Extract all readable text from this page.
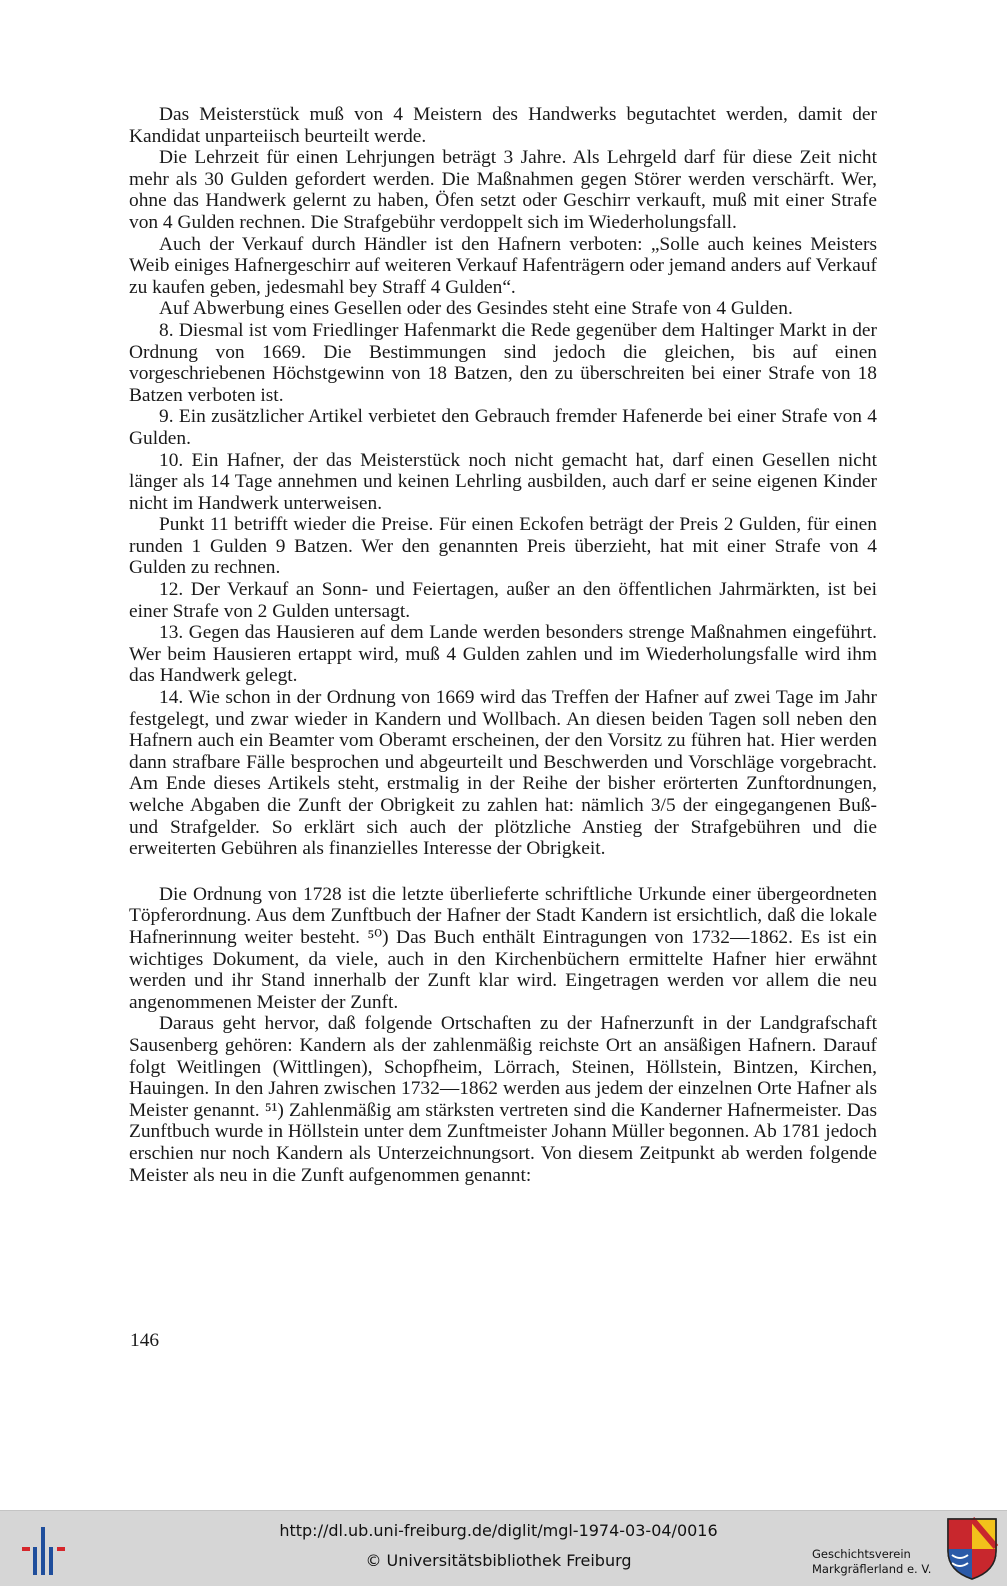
Das Meisterstück muß von 4 Meistern des Handwerks begutachtet werden, damit der Kandidat unparteiisch beurteilt werde.

Die Lehrzeit für einen Lehrjungen beträgt 3 Jahre. Als Lehrgeld darf für diese Zeit nicht mehr als 30 Gulden gefordert werden. Die Maßnahmen gegen Störer werden verschärft. Wer, ohne das Handwerk gelernt zu haben, Öfen setzt oder Geschirr verkauft, muß mit einer Strafe von 4 Gulden rechnen. Die Strafgebühr verdoppelt sich im Wiederholungsfall.

Auch der Verkauf durch Händler ist den Hafnern verboten: „Solle auch keines Meisters Weib einiges Hafnergeschirr auf weiteren Verkauf Hafenträgern oder jemand anders auf Verkauf zu kaufen geben, jedesmahl bey Straff 4 Gulden“.

Auf Abwerbung eines Gesellen oder des Gesindes steht eine Strafe von 4 Gulden.

8. Diesmal ist vom Friedlinger Hafenmarkt die Rede gegenüber dem Haltinger Markt in der Ordnung von 1669. Die Bestimmungen sind jedoch die gleichen, bis auf einen vorgeschriebenen Höchstgewinn von 18 Batzen, den zu überschreiten bei einer Strafe von 18 Batzen verboten ist.

9. Ein zusätzlicher Artikel verbietet den Gebrauch fremder Hafenerde bei einer Strafe von 4 Gulden.

10. Ein Hafner, der das Meisterstück noch nicht gemacht hat, darf einen Gesellen nicht länger als 14 Tage annehmen und keinen Lehrling ausbilden, auch darf er seine eigenen Kinder nicht im Handwerk unterweisen.

Punkt 11 betrifft wieder die Preise. Für einen Eckofen beträgt der Preis 2 Gulden, für einen runden 1 Gulden 9 Batzen. Wer den genannten Preis überzieht, hat mit einer Strafe von 4 Gulden zu rechnen.

12. Der Verkauf an Sonn- und Feiertagen, außer an den öffentlichen Jahrmärkten, ist bei einer Strafe von 2 Gulden untersagt.

13. Gegen das Hausieren auf dem Lande werden besonders strenge Maßnahmen eingeführt. Wer beim Hausieren ertappt wird, muß 4 Gulden zahlen und im Wiederholungsfalle wird ihm das Handwerk gelegt.

14. Wie schon in der Ordnung von 1669 wird das Treffen der Hafner auf zwei Tage im Jahr festgelegt, und zwar wieder in Kandern und Wollbach. An diesen beiden Tagen soll neben den Hafnern auch ein Beamter vom Oberamt erscheinen, der den Vorsitz zu führen hat. Hier werden dann strafbare Fälle besprochen und abgeurteilt und Beschwerden und Vorschläge vorgebracht. Am Ende dieses Artikels steht, erstmalig in der Reihe der bisher erörterten Zunftordnungen, welche Abgaben die Zunft der Obrigkeit zu zahlen hat: nämlich 3/5 der eingegangenen Buß- und Strafgelder. So erklärt sich auch der plötzliche Anstieg der Strafgebühren und die erweiterten Gebühren als finanzielles Interesse der Obrigkeit.

Die Ordnung von 1728 ist die letzte überlieferte schriftliche Urkunde einer übergeordneten Töpferordnung. Aus dem Zunftbuch der Hafner der Stadt Kandern ist ersichtlich, daß die lokale Hafnerinnung weiter besteht. ⁵⁰) Das Buch enthält Eintragungen von 1732—1862. Es ist ein wichtiges Dokument, da viele, auch in den Kirchenbüchern ermittelte Hafner hier erwähnt werden und ihr Stand innerhalb der Zunft klar wird. Eingetragen werden vor allem die neu angenommenen Meister der Zunft.

Daraus geht hervor, daß folgende Ortschaften zu der Hafnerzunft in der Landgrafschaft Sausenberg gehören: Kandern als der zahlenmäßig reichste Ort an ansäßigen Hafnern. Darauf folgt Weitlingen (Wittlingen), Schopfheim, Lörrach, Steinen, Höllstein, Bintzen, Kirchen, Hauingen. In den Jahren zwischen 1732—1862 werden aus jedem der einzelnen Orte Hafner als Meister genannt. ⁵¹) Zahlenmäßig am stärksten vertreten sind die Kanderner Hafnermeister. Das Zunftbuch wurde in Höllstein unter dem Zunftmeister Johann Müller begonnen. Ab 1781 jedoch erschien nur noch Kandern als Unterzeichnungsort. Von diesem Zeitpunkt ab werden folgende Meister als neu in die Zunft aufgenommen genannt:

146
http://dl.ub.uni-freiburg.de/diglit/mgl-1974-03-04/0016
© Universitätsbibliothek Freiburg	Geschichtsverein
Markgräflerland e. V.
